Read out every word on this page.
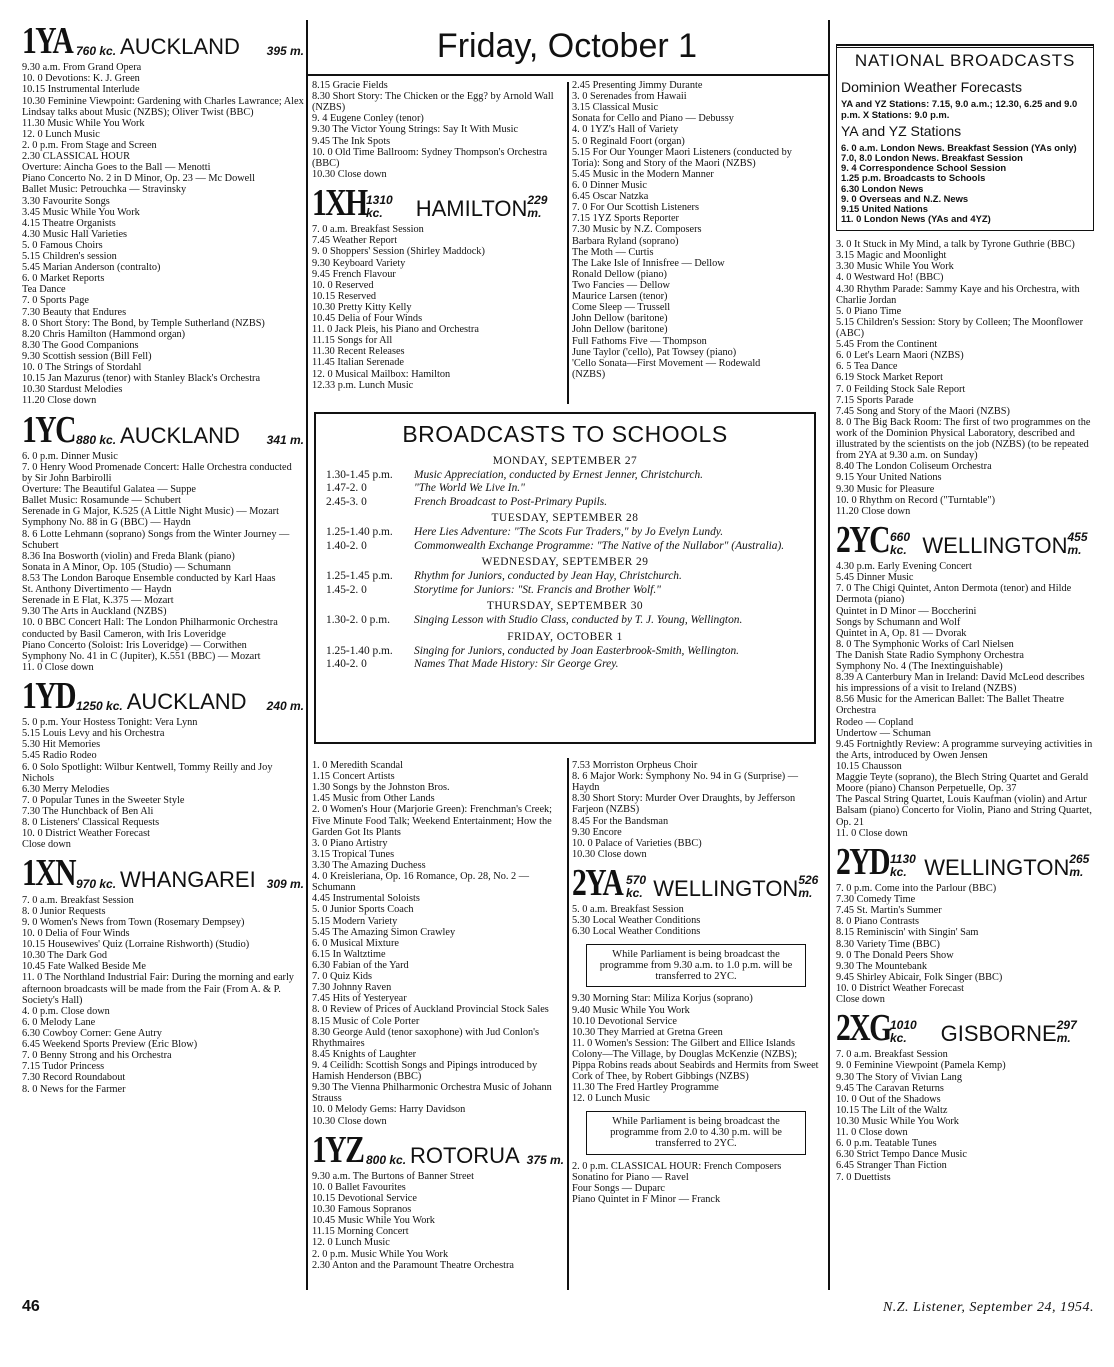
Friday, October 1
1YA 760 kc. AUCKLAND	395 m.
9.30 a.m. From Grand Opera
10. 0 Devotions: K. J. Green
10.15 Instrumental Interlude
10.30 Feminine Viewpoint: Gardening with Charles Lawrance; Alex Lindsay talks about Music (NZBS); Oliver Twist (BBC)
11.30 Music While You Work
12. 0 Lunch Music
2. 0 p.m. From Stage and Screen
2.30 CLASSICAL HOUR
Overture: Aincha Goes to the Ball — Menotti
Piano Concerto No. 2 in D Minor, Op. 23 — Mc Dowell
Ballet Music: Petrouchka — Stravinsky
3.30 Favourite Songs
3.45 Music While You Work
4.15 Theatre Organists
4.30 Music Hall Varieties
5. 0 Famous Choirs
5.15 Children's session
5.45 Marian Anderson (contralto)
6. 0 Market Reports
Tea Dance
7. 0 Sports Page
7.30 Beauty that Endures
8. 0 Short Story: The Bond, by Temple Sutherland (NZBS)
8.20 Chris Hamilton (Hammond organ)
8.30 The Good Companions
9.30 Scottish session (Bill Fell)
10. 0 The Strings of Stordahl
10.15 Jan Mazurus (tenor) with Stanley Black's Orchestra
10.30 Stardust Melodies
11.20 Close down
1YC 880 kc. AUCKLAND	341 m.
6. 0 p.m. Dinner Music
7. 0 Henry Wood Promenade Concert: Halle Orchestra conducted by Sir John Barbirolli
Overture: The Beautiful Galatea — Suppe
Ballet Music: Rosamunde — Schubert
Serenade in G Major, K.525 (A Little Night Music) — Mozart
Symphony No. 88 in G (BBC) — Haydn
8. 6 Lotte Lehmann (soprano) Songs from the Winter Journey — Schubert
8.36 Ina Bosworth (violin) and Freda Blank (piano)
Sonata in A Minor, Op. 105 (Studio) — Schumann
8.53 The London Baroque Ensemble conducted by Karl Haas
St. Anthony Divertimento — Haydn
Serenade in E Flat, K.375 — Mozart
9.30 The Arts in Auckland (NZBS)
10. 0 BBC Concert Hall: The London Philharmonic Orchestra conducted by Basil Cameron, with Iris Loveridge
Piano Concerto (Soloist: Iris Loveridge) — Corwithen
Symphony No. 41 in C (Jupiter), K.551 (BBC) — Mozart
11. 0 Close down
1YD 1250 kc. AUCKLAND	240 m.
5. 0 p.m. Your Hostess Tonight: Vera Lynn
5.15 Louis Levy and his Orchestra
5.30 Hit Memories
5.45 Radio Rodeo
6. 0 Solo Spotlight: Wilbur Kentwell, Tommy Reilly and Joy Nichols
6.30 Merry Melodies
7. 0 Popular Tunes in the Sweeter Style
7.30 The Hunchback of Ben Ali
8. 0 Listeners' Classical Requests
10. 0 District Weather Forecast
Close down
1XN 970 kc. WHANGAREI 309 m.
7. 0 a.m. Breakfast Session
8. 0 Junior Requests
9. 0 Women's News from Town (Rosemary Dempsey)
10. 0 Delia of Four Winds
10.15 Housewives' Quiz (Lorraine Rishworth) (Studio)
10.30 The Dark God
10.45 Fate Walked Beside Me
11. 0 The Northland Industrial Fair: During the morning and early afternoon broadcasts will be made from the Fair (From A. & P. Society's Hall)
4. 0 p.m. Close down
6. 0 Melody Lane
6.30 Cowboy Corner: Gene Autry
6.45 Weekend Sports Preview (Eric Blow)
7. 0 Benny Strong and his Orchestra
7.15 Tudor Princess
7.30 Record Roundabout
8. 0 News for the Farmer
8.15 Gracie Fields
8.30 Short Story: The Chicken or the Egg? by Arnold Wall (NZBS)
9. 4 Eugene Conley (tenor)
9.30 The Victor Young Strings: Say It With Music
9.45 The Ink Spots
10. 0 Old Time Ballroom: Sydney Thompson's Orchestra (BBC)
10.30 Close down
1XH 1310 kc.	HAMILTON 229 m.
7. 0 a.m. Breakfast Session
7.45 Weather Report
9. 0 Shoppers' Session (Shirley Maddock)
9.30 Keyboard Variety
9.45 French Flavour
10. 0 Reserved
10.15 Reserved
10.30 Pretty Kitty Kelly
10.45 Delia of Four Winds
11. 0 Jack Pleis, his Piano and Orchestra
11.15 Songs for All
11.30 Recent Releases
11.45 Italian Serenade
12. 0 Musical Mailbox: Hamilton
12.33 p.m. Lunch Music
2.45 Presenting Jimmy Durante
3. 0 Serenades from Hawaii
3.15 Classical Music
Sonata for Cello and Piano — Debussy
4. 0 1YZ's Hall of Variety
5. 0 Reginald Foort (organ)
5.15 For Our Younger Maori Listeners (conducted by Toria): Song and Story of the Maori (NZBS)
5.45 Music in the Modern Manner
6. 0 Dinner Music
6.45 Oscar Natzka
7. 0 For Our Scottish Listeners
7.15 1YZ Sports Reporter
7.30 Music by N.Z. Composers
Barbara Ryland (soprano)
The Moth — Curtis
The Lake Isle of Innisfree — Dellow
Ronald Dellow (piano)
Two Fancies — Dellow
Maurice Larsen (tenor)
Come Sleep — Trussell
John Dellow (baritone)
John Dellow (baritone)
Full Fathoms Five — Thompson
June Taylor ('cello), Pat Towsey (piano)
'Cello Sonata—First Movement — Rodewald
(NZBS)
BROADCASTS TO SCHOOLS
MONDAY, SEPTEMBER 27
1.30-1.45 p.m.	Music Appreciation, conducted by Ernest Jenner, Christchurch.
1.47-2. 0	"The World We Live In."
2.45-3. 0	French Broadcast to Post-Primary Pupils.
TUESDAY, SEPTEMBER 28
1.25-1.40 p.m.	Here Lies Adventure: "The Scots Fur Traders," by Jo Evelyn Lundy.
1.40-2. 0	Commonwealth Exchange Programme: "The Native of the Nullabor" (Australia).
WEDNESDAY, SEPTEMBER 29
1.25-1.45 p.m.	Rhythm for Juniors, conducted by Jean Hay, Christchurch.
1.45-2. 0	Storytime for Juniors: "St. Francis and Brother Wolf."
THURSDAY, SEPTEMBER 30
1.30-2. 0 p.m.	Singing Lesson with Studio Class, conducted by T. J. Young, Wellington.
FRIDAY, OCTOBER 1
1.25-1.40 p.m.	Singing for Juniors, conducted by Joan Easterbrook-Smith, Wellington.
1.40-2. 0	Names That Made History: Sir George Grey.
1. 0 Meredith Scandal
1.15 Concert Artists
1.30 Songs by the Johnston Bros.
1.45 Music from Other Lands
2. 0 Women's Hour (Marjorie Green): Frenchman's Creek; Five Minute Food Talk; Weekend Entertainment; How the Garden Got Its Plants
3. 0 Piano Artistry
3.15 Tropical Tunes
3.30 The Amazing Duchess
4. 0 Kreisleriana, Op. 16 Romance, Op. 28, No. 2 — Schumann
4.45 Instrumental Soloists
5. 0 Junior Sports Coach
5.15 Modern Variety
5.45 The Amazing Simon Crawley
6. 0 Musical Mixture
6.15 In Waltztime
6.30 Fabian of the Yard
7. 0 Quiz Kids
7.30 Johnny Raven
7.45 Hits of Yesteryear
8. 0 Review of Prices of Auckland Provincial Stock Sales
8.15 Music of Cole Porter
8.30 George Auld (tenor saxophone) with Jud Conlon's Rhythmaires
8.45 Knights of Laughter
9. 4 Ceilidh: Scottish Songs and Pipings introduced by Hamish Henderson (BBC)
9.30 The Vienna Philharmonic Orchestra Music of Johann Strauss
10. 0 Melody Gems: Harry Davidson
10.30 Close down
1YZ 800 kc. ROTORUA 375 m.
9.30 a.m. The Burtons of Banner Street
10. 0 Ballet Favourites
10.15 Devotional Service
10.30 Famous Sopranos
10.45 Music While You Work
11.15 Morning Concert
12. 0 Lunch Music
2. 0 p.m. Music While You Work
2.30 Anton and the Paramount Theatre Orchestra
7.53 Morriston Orpheus Choir
8. 6 Major Work: Symphony No. 94 in G (Surprise) — Haydn
8.30 Short Story: Murder Over Draughts, by Jefferson Farjeon (NZBS)
8.45 For the Bandsman
9.30 Encore
10. 0 Palace of Varieties (BBC)
10.30 Close down
2YA 570 kc. WELLINGTON 526 m.
5. 0 a.m. Breakfast Session
5.30 Local Weather Conditions
6.30 Local Weather Conditions
While Parliament is being broadcast the programme from 9.30 a.m. to 1.0 p.m. will be transferred to 2YC.
9.30 Morning Star: Miliza Korjus (soprano)
9.40 Music While You Work
10.10 Devotional Service
10.30 They Married at Gretna Green
11. 0 Women's Session: The Gilbert and Ellice Islands Colony—The Village, by Douglas McKenzie (NZBS); Pippa Robins reads about Seabirds and Hermits from Sweet Cork of Thee, by Robert Gibbings (NZBS)
11.30 The Fred Hartley Programme
12. 0 Lunch Music
While Parliament is being broadcast the programme from 2.0 to 4.30 p.m. will be transferred to 2YC.
2. 0 p.m. CLASSICAL HOUR: French Composers
Sonatino for Piano — Ravel
Four Songs — Duparc
Piano Quintet in F Minor — Franck
NATIONAL BROADCASTS
Dominion Weather Forecasts
YA and YZ Stations: 7.15, 9.0 a.m.; 12.30, 6.25 and 9.0 p.m. X Stations: 9.0 p.m.
YA and YZ Stations
6. 0 a.m. London News. Breakfast Session (YAs only)
7.0, 8.0 London News. Breakfast Session
9. 4 Correspondence School Session
1.25 p.m. Broadcasts to Schools
6.30 London News
9. 0 Overseas and N.Z. News
9.15 United Nations
11. 0 London News (YAs and 4YZ)
3. 0 It Stuck in My Mind, a talk by Tyrone Guthrie (BBC)
3.15 Magic and Moonlight
3.30 Music While You Work
4. 0 Westward Ho! (BBC)
4.30 Rhythm Parade: Sammy Kaye and his Orchestra, with Charlie Jordan
5. 0 Piano Time
5.15 Children's Session: Story by Colleen; The Moonflower (ABC)
5.45 From the Continent
6. 0 Let's Learn Maori (NZBS)
6. 5 Tea Dance
6.19 Stock Market Report
7. 0 Feilding Stock Sale Report
7.15 Sports Parade
7.45 Song and Story of the Maori (NZBS)
8. 0 The Big Back Room: The first of two programmes on the work of the Dominion Physical Laboratory, described and illustrated by the scientists on the job (NZBS) (to be repeated from 2YA at 9.30 a.m. on Sunday)
8.40 The London Coliseum Orchestra
9.15 Your United Nations
9.30 Music for Pleasure
10. 0 Rhythm on Record ("Turntable")
11.20 Close down
2YC 660 kc. WELLINGTON 455 m.
4.30 p.m. Early Evening Concert
5.45 Dinner Music
7. 0 The Chigi Quintet, Anton Dermota (tenor) and Hilde Dermota (piano)
Quintet in D Minor — Boccherini
Songs by Schumann and Wolf
Quintet in A, Op. 81 — Dvorak
8. 0 The Symphonic Works of Carl Nielsen
The Danish State Radio Symphony Orchestra
Symphony No. 4 (The Inextinguishable)
8.39 A Canterbury Man in Ireland: David McLeod describes his impressions of a visit to Ireland (NZBS)
8.56 Music for the American Ballet: The Ballet Theatre Orchestra
Rodeo — Copland
Undertow — Schuman
9.45 Fortnightly Review: A programme surveying activities in the Arts, introduced by Owen Jensen
10.15 Chausson
Maggie Teyte (soprano), the Blech String Quartet and Gerald Moore (piano) Chanson Perpetuelle, Op. 37
The Pascal String Quartet, Louis Kaufman (violin) and Artur Balsam (piano) Concerto for Violin, Piano and String Quartet, Op. 21
11. 0 Close down
2YD 1130 kc. WELLINGTON 265 m.
7. 0 p.m. Come into the Parlour (BBC)
7.30 Comedy Time
7.45 St. Martin's Summer
8. 0 Piano Contrasts
8.15 Reminiscin' with Singin' Sam
8.30 Variety Time (BBC)
9. 0 The Donald Peers Show
9.30 The Mountebank
9.45 Shirley Abicair, Folk Singer (BBC)
10. 0 District Weather Forecast
Close down
2XG 1010 kc.	GISBORNE 297 m.
7. 0 a.m. Breakfast Session
9. 0 Feminine Viewpoint (Pamela Kemp)
9.30 The Story of Vivian Lang
9.45 The Caravan Returns
10. 0 Out of the Shadows
10.15 The Lilt of the Waltz
10.30 Music While You Work
11. 0 Close down
6. 0 p.m. Teatable Tunes
6.30 Strict Tempo Dance Music
6.45 Stranger Than Fiction
7. 0 Duettists
46	N.Z. Listener, September 24, 1954.
